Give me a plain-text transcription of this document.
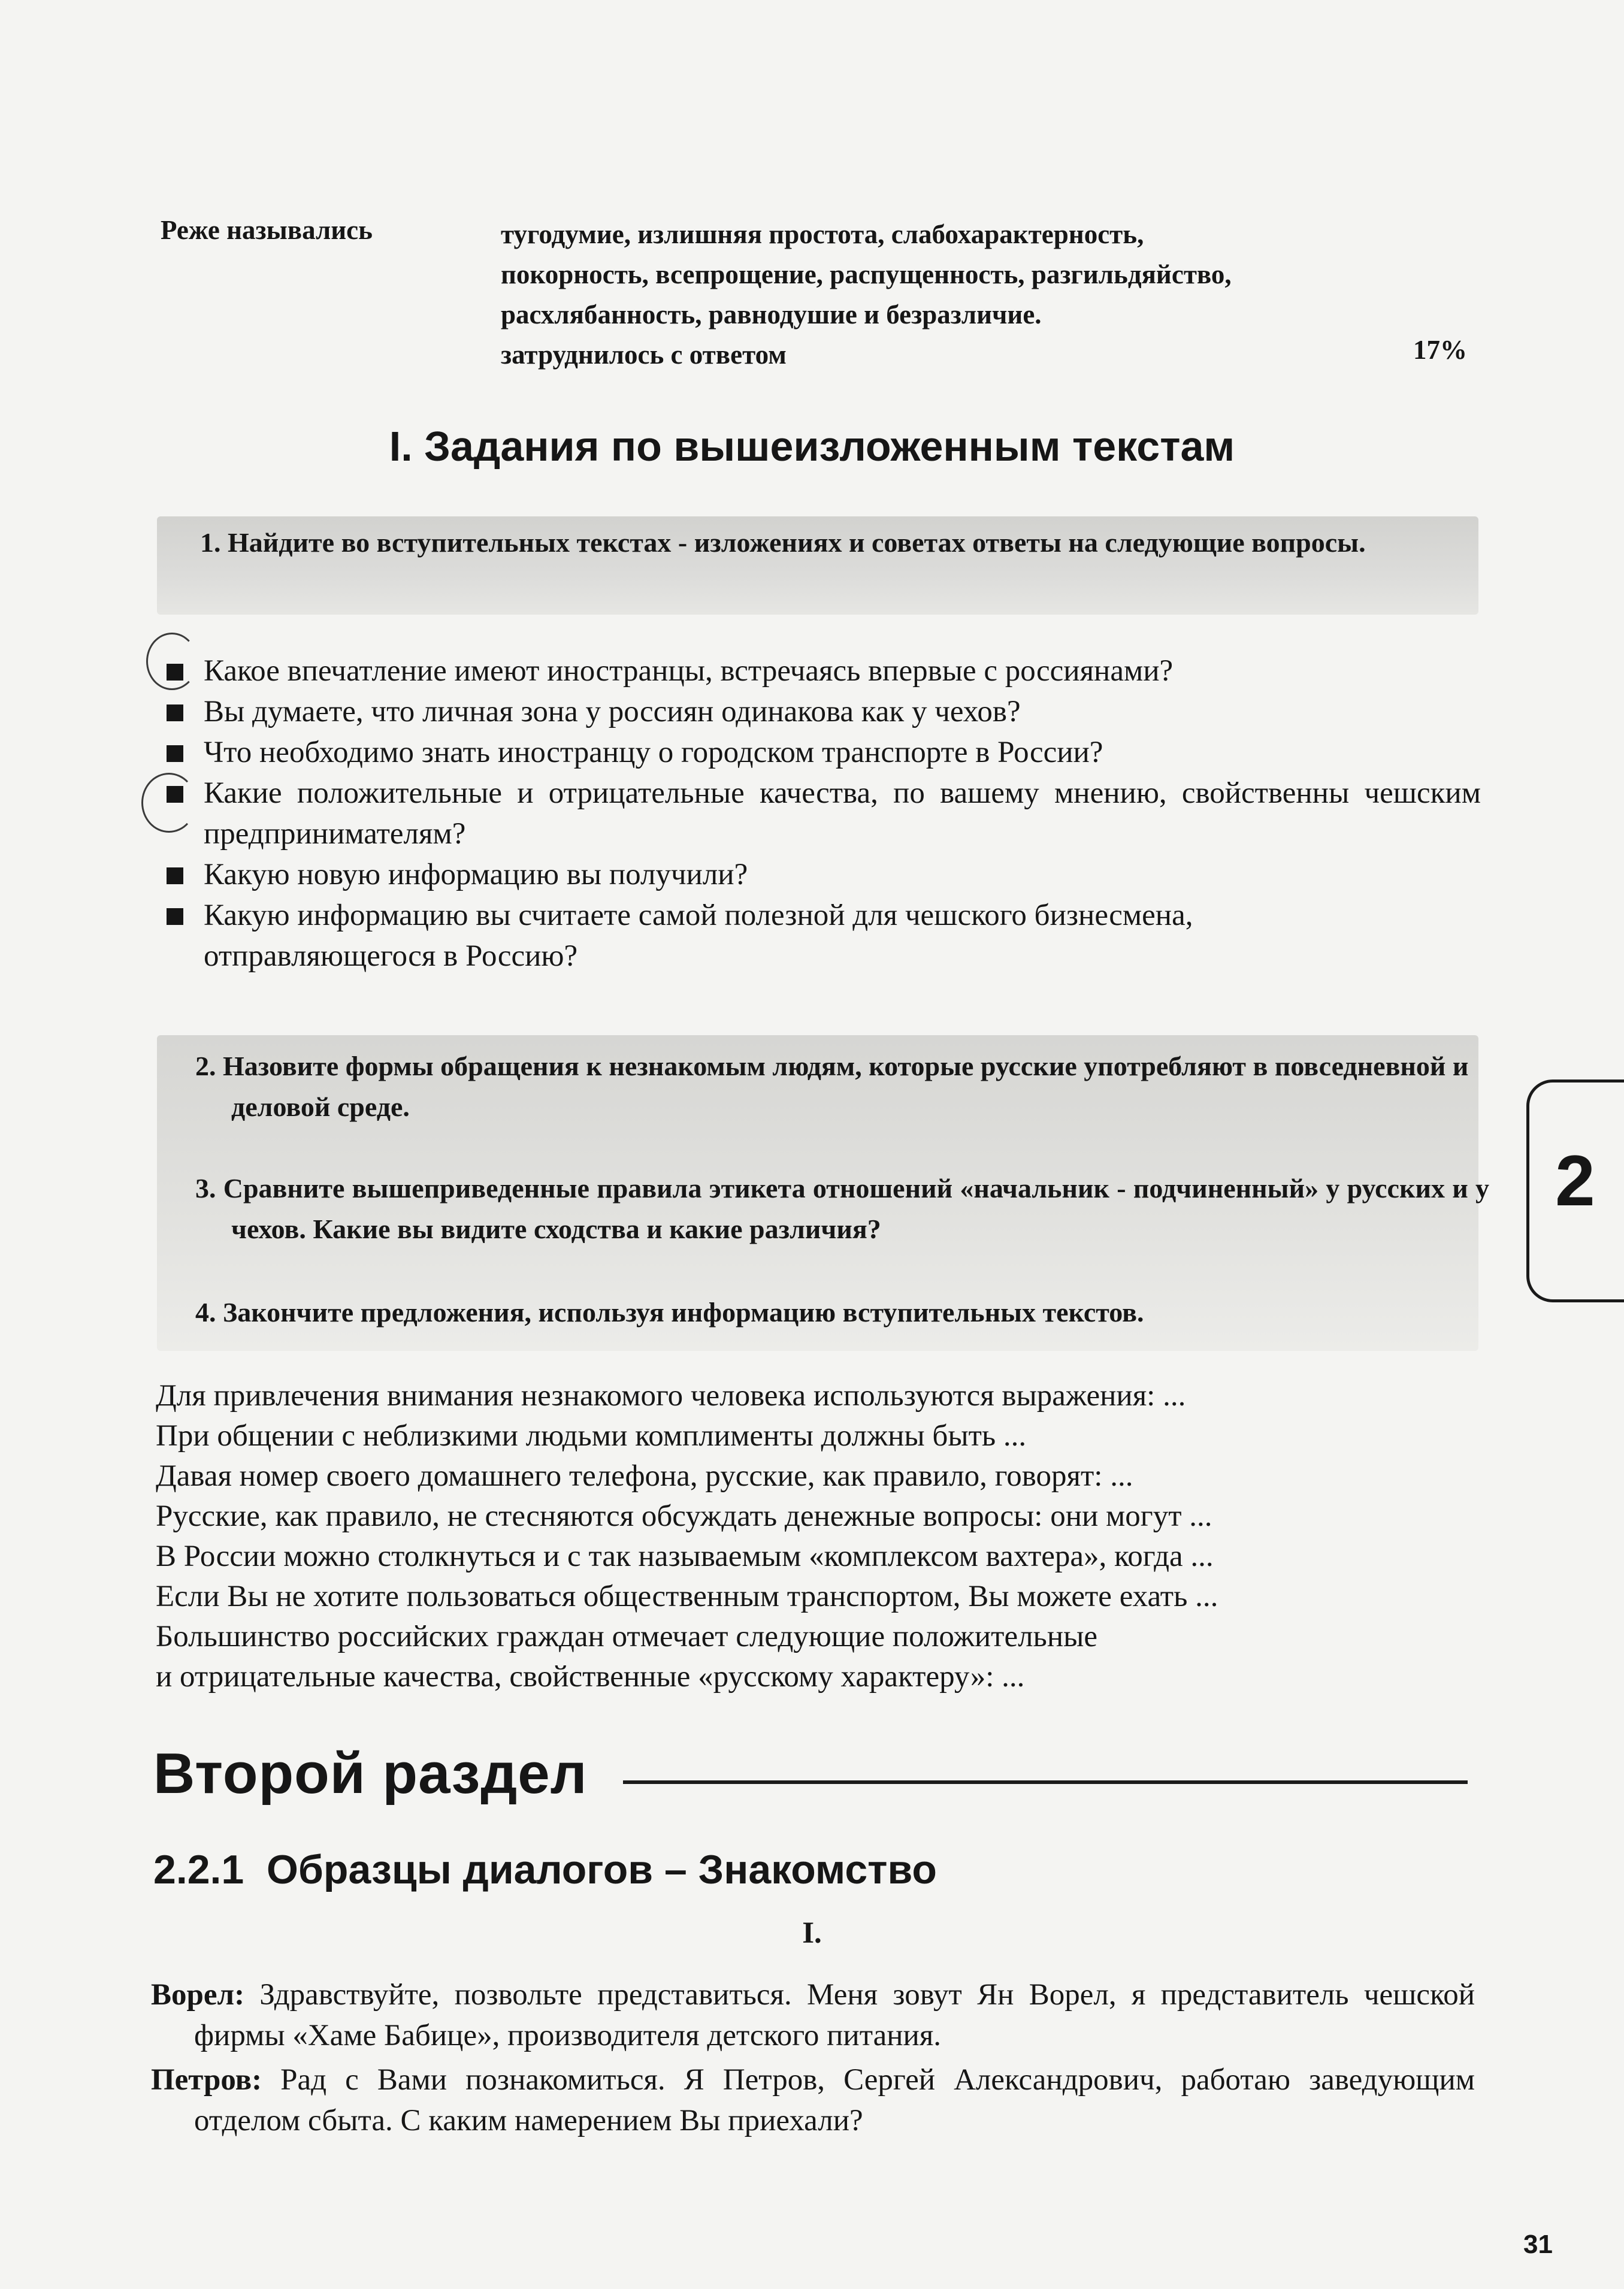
Реже назывались	тугодумие, излишняя простота, слабохарактерность,
покорность, всепрощение, распущенность, разгильдяйство,
расхлябанность, равнодушие и безразличие.
затруднилось с ответом	17%
I. Задания по вышеизложенным текстам
1. Найдите во вступительных текстах - изложениях и советах ответы на следующие вопросы.
Какое впечатление имеют иностранцы, встречаясь впервые с россиянами?
Вы думаете, что личная зона у россиян одинакова как у чехов?
Что необходимо знать иностранцу о городском транспорте в России?
Какие положительные и отрицательные качества, по вашему мнению, свойственны чешским предпринимателям?
Какую новую информацию вы получили?
Какую информацию вы считаете самой полезной для чешского бизнесмена, отправляющегося в Россию?
2. Назовите формы обращения к незнакомым людям, которые русские употребляют в повседневной и деловой среде.
3. Сравните вышеприведенные правила этикета отношений «начальник - подчиненный» у русских и у чехов. Какие вы видите сходства и какие различия?
4. Закончите предложения, используя информацию вступительных текстов.
Для привлечения внимания незнакомого человека используются выражения: ...
При общении с неблизкими людьми комплименты должны быть ...
Давая номер своего домашнего телефона, русские, как правило, говорят: ...
Русские, как правило, не стесняются обсуждать денежные вопросы: они могут ...
В России можно столкнуться и с так называемым «комплексом вахтера», когда ...
Если Вы не хотите пользоваться общественным транспортом, Вы можете ехать ...
Большинство российских граждан отмечает следующие положительные
и отрицательные качества, свойственные «русскому характеру»: ...
Второй раздел
2.2.1  Образцы диалогов – Знакомство
I.
Ворел: Здравствуйте, позвольте представиться. Меня зовут Ян Ворел, я представитель чешской фирмы «Хаме Бабице», производителя детского питания.
Петров: Рад с Вами познакомиться. Я Петров, Сергей Александрович, работаю заведующим отделом сбыта. С каким намерением Вы приехали?
2
31
